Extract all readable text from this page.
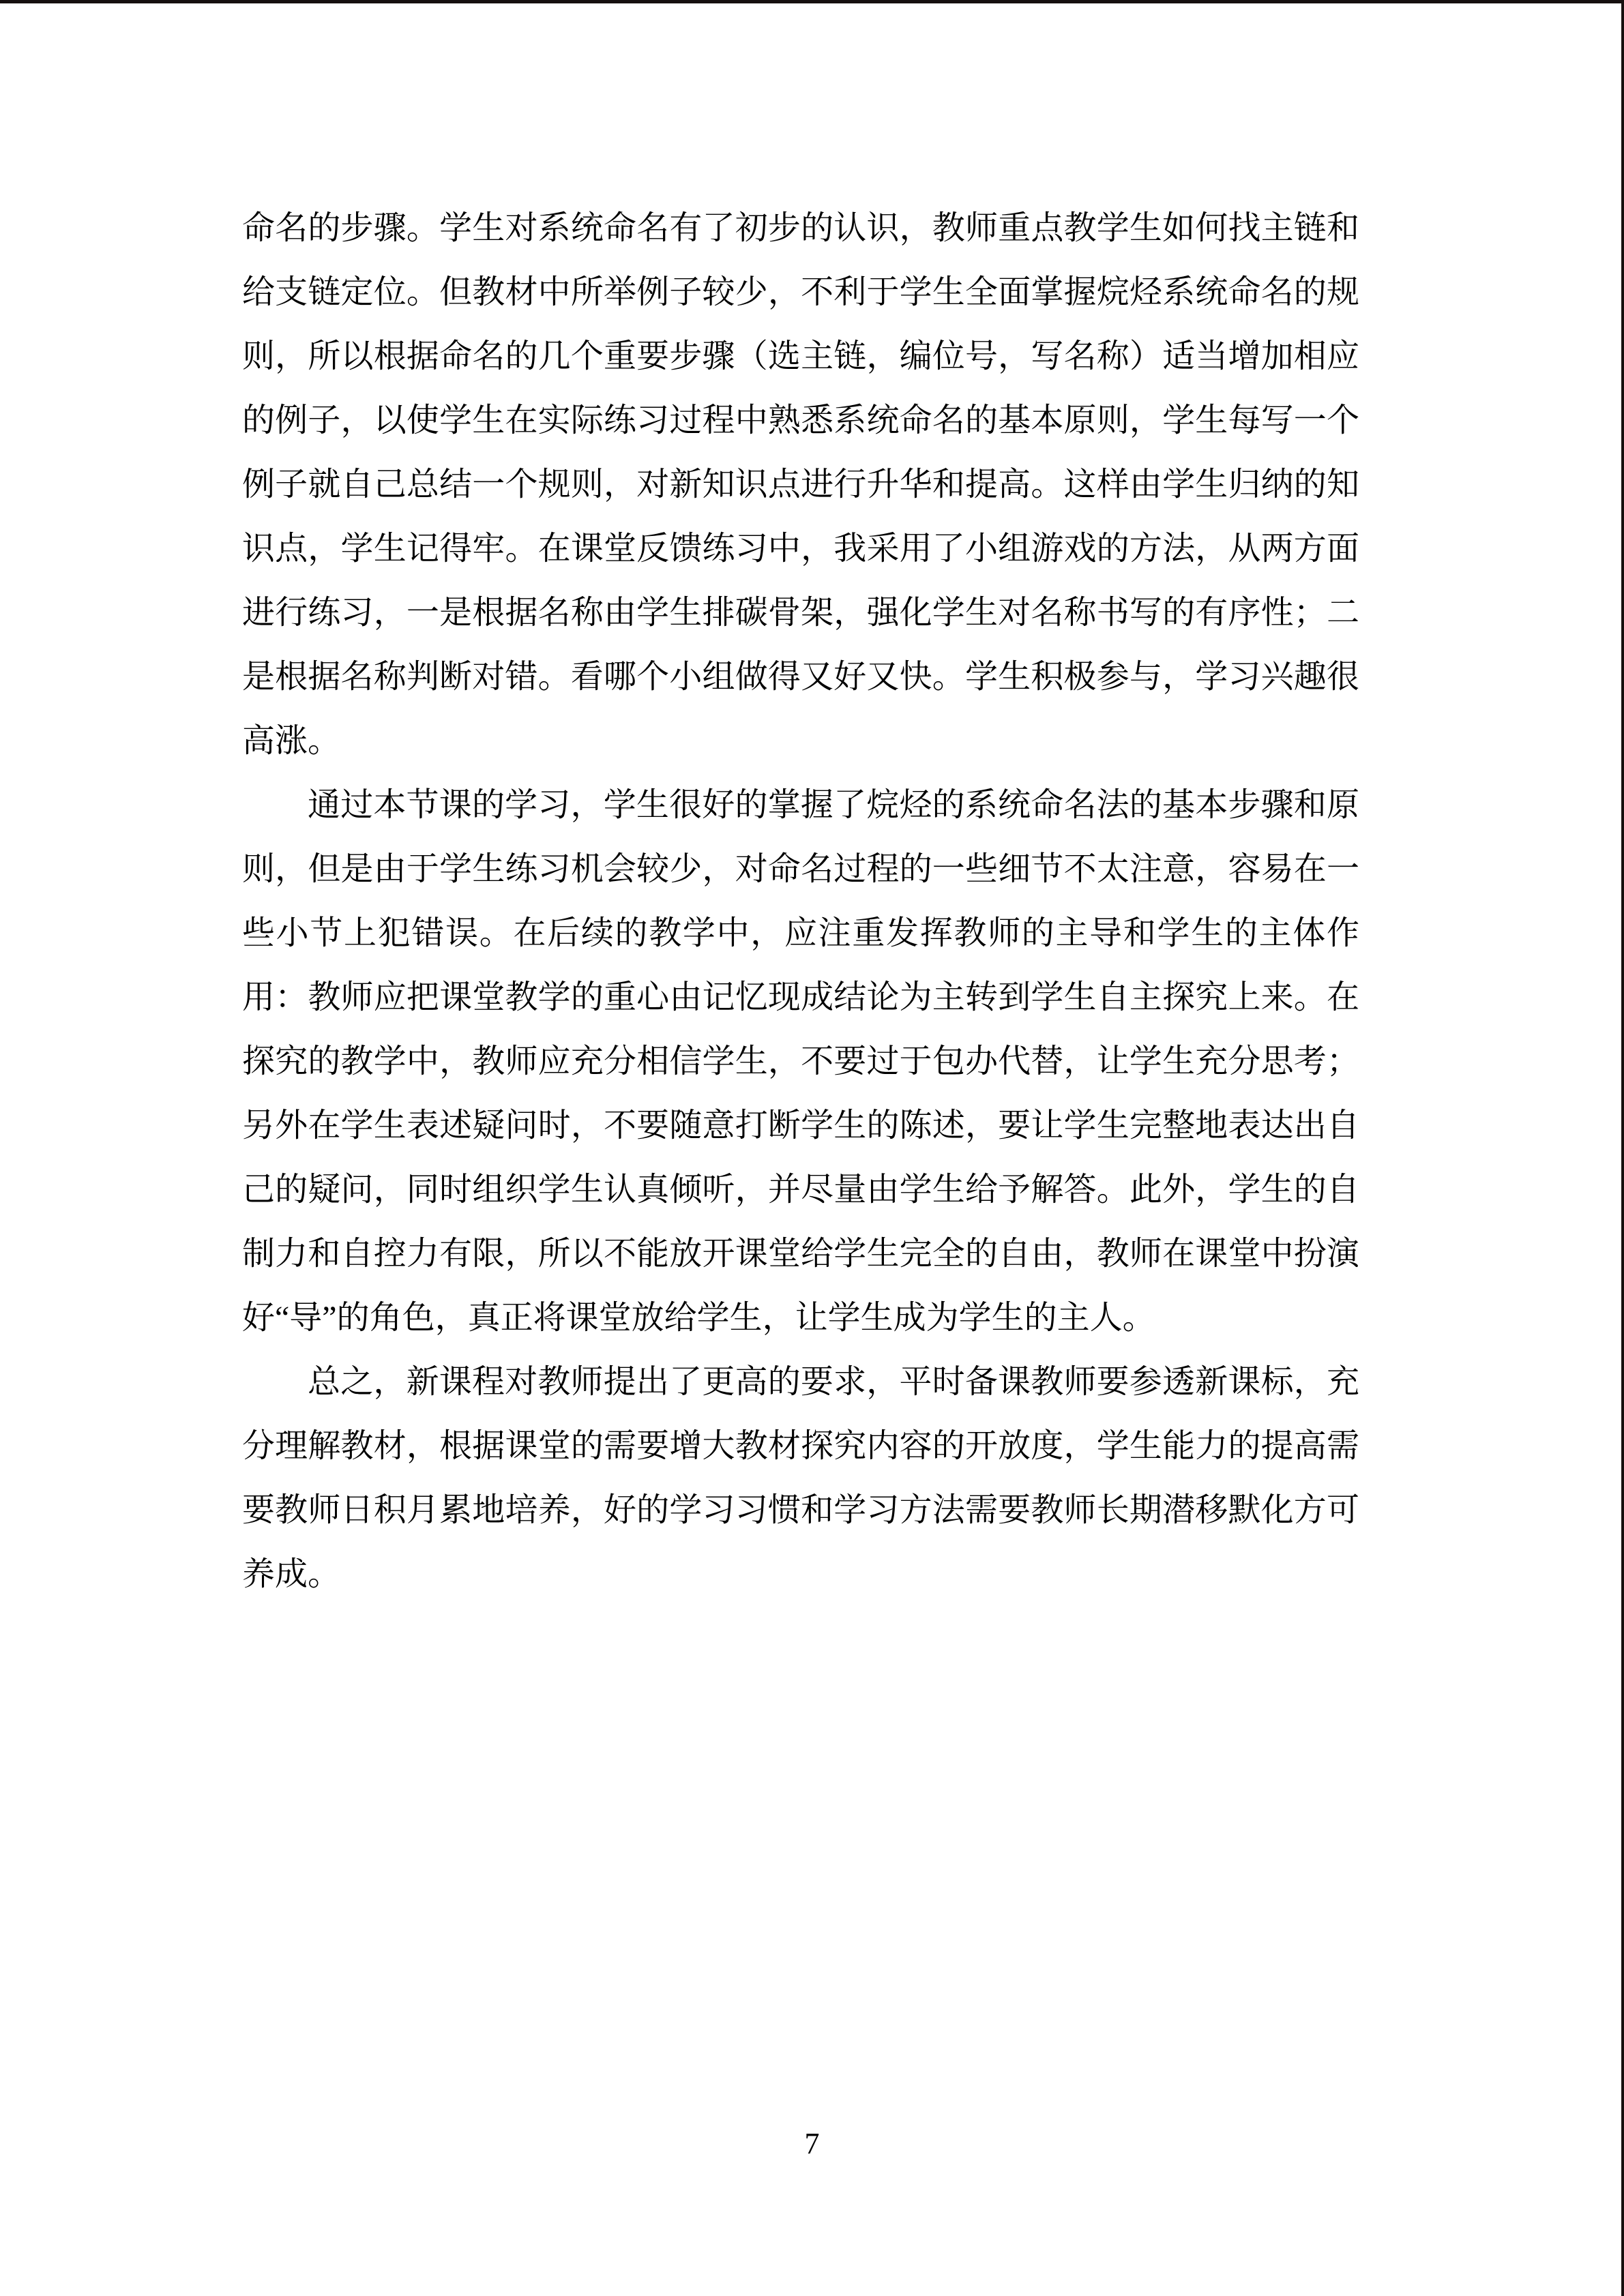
命名的步骤。学生对系统命名有了初步的认识，教师重点教学生如何找主链和
给支链定位。但教材中所举例子较少，不利于学生全面掌握烷烃系统命名的规
则，所以根据命名的几个重要步骤（选主链，编位号，写名称）适当增加相应
的例子，以使学生在实际练习过程中熟悉系统命名的基本原则，学生每写一个
例子就自己总结一个规则，对新知识点进行升华和提高。这样由学生归纳的知
识点，学生记得牢。在课堂反馈练习中，我采用了小组游戏的方法，从两方面
进行练习，一是根据名称由学生排碳骨架，强化学生对名称书写的有序性；二
是根据名称判断对错。看哪个小组做得又好又快。学生积极参与，学习兴趣很
高涨。
通过本节课的学习，学生很好的掌握了烷烃的系统命名法的基本步骤和原
则，但是由于学生练习机会较少，对命名过程的一些细节不太注意，容易在一
些小节上犯错误。在后续的教学中，应注重发挥教师的主导和学生的主体作
用：教师应把课堂教学的重心由记忆现成结论为主转到学生自主探究上来。在
探究的教学中，教师应充分相信学生，不要过于包办代替，让学生充分思考；
另外在学生表述疑问时，不要随意打断学生的陈述，要让学生完整地表达出自
己的疑问，同时组织学生认真倾听，并尽量由学生给予解答。此外，学生的自
制力和自控力有限，所以不能放开课堂给学生完全的自由，教师在课堂中扮演
好“导”的角色，真正将课堂放给学生，让学生成为学生的主人。
总之，新课程对教师提出了更高的要求，平时备课教师要参透新课标，充
分理解教材，根据课堂的需要增大教材探究内容的开放度，学生能力的提高需
要教师日积月累地培养，好的学习习惯和学习方法需要教师长期潜移默化方可
养成。
7
